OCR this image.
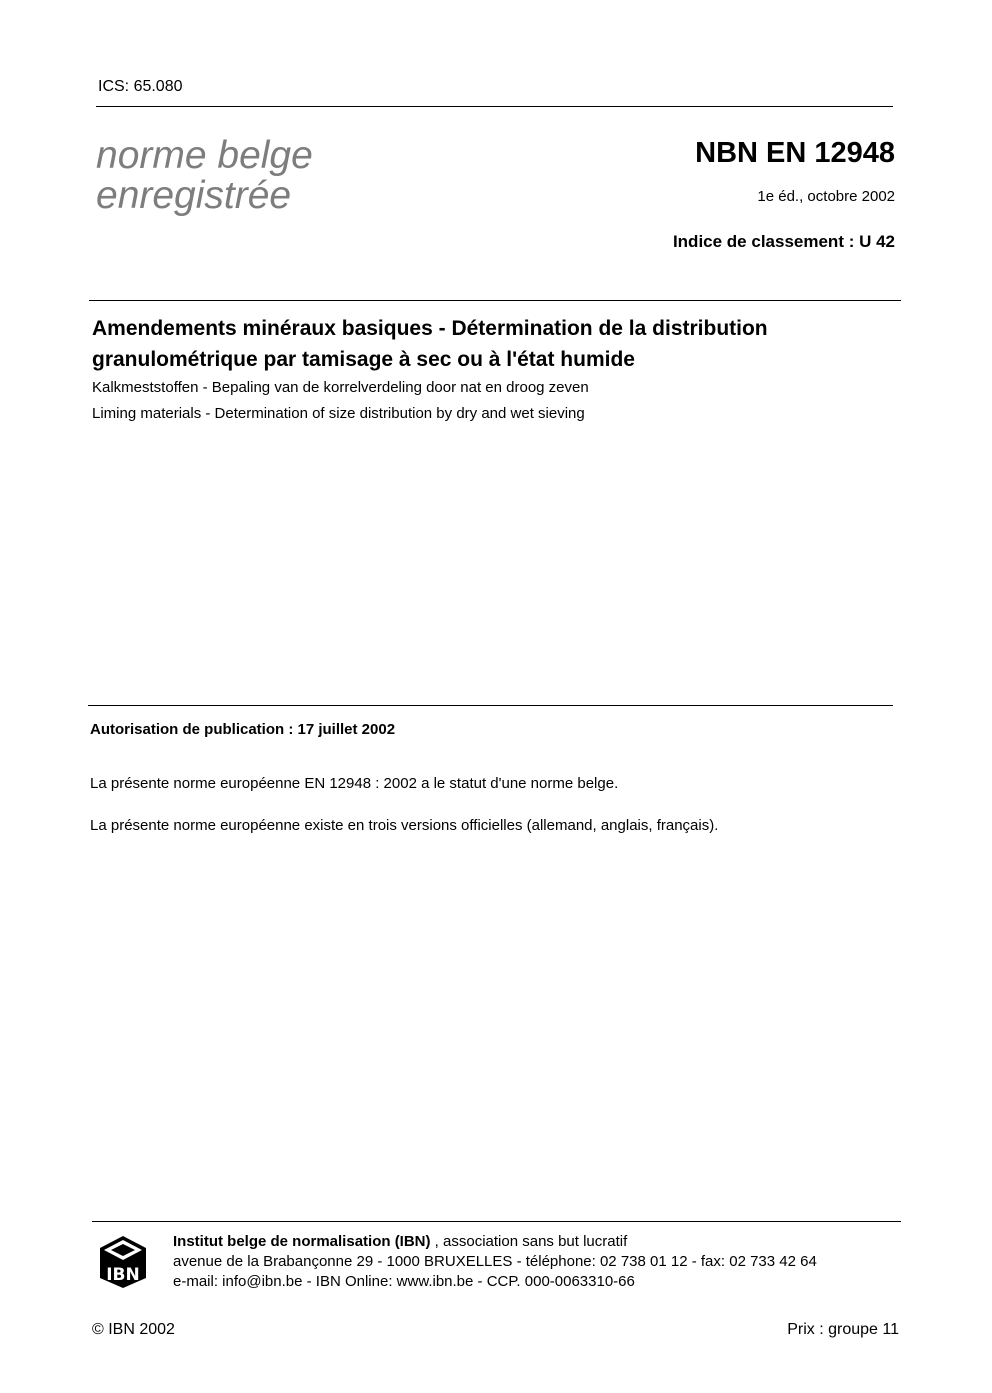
ICS: 65.080
norme belge
enregistrée
NBN EN 12948
1e éd., octobre 2002
Indice de classement : U 42
Amendements minéraux basiques - Détermination de la distribution
granulométrique par tamisage à sec ou à l'état humide
Kalkmeststoffen - Bepaling van de korrelverdeling door nat en droog zeven
Liming materials - Determination of size distribution by dry and wet sieving
Autorisation de publication : 17 juillet 2002
La présente norme européenne EN 12948 : 2002 a le statut d'une norme belge.
La présente norme européenne existe en trois versions officielles (allemand, anglais, français).
IBN
Institut belge de normalisation (IBN) , association sans but lucratif
avenue de la Brabançonne 29 - 1000 BRUXELLES - téléphone: 02 738 01 12 - fax: 02 733 42 64
e-mail: info@ibn.be - IBN Online: www.ibn.be - CCP. 000-0063310-66
© IBN 2002	Prix : groupe 11
